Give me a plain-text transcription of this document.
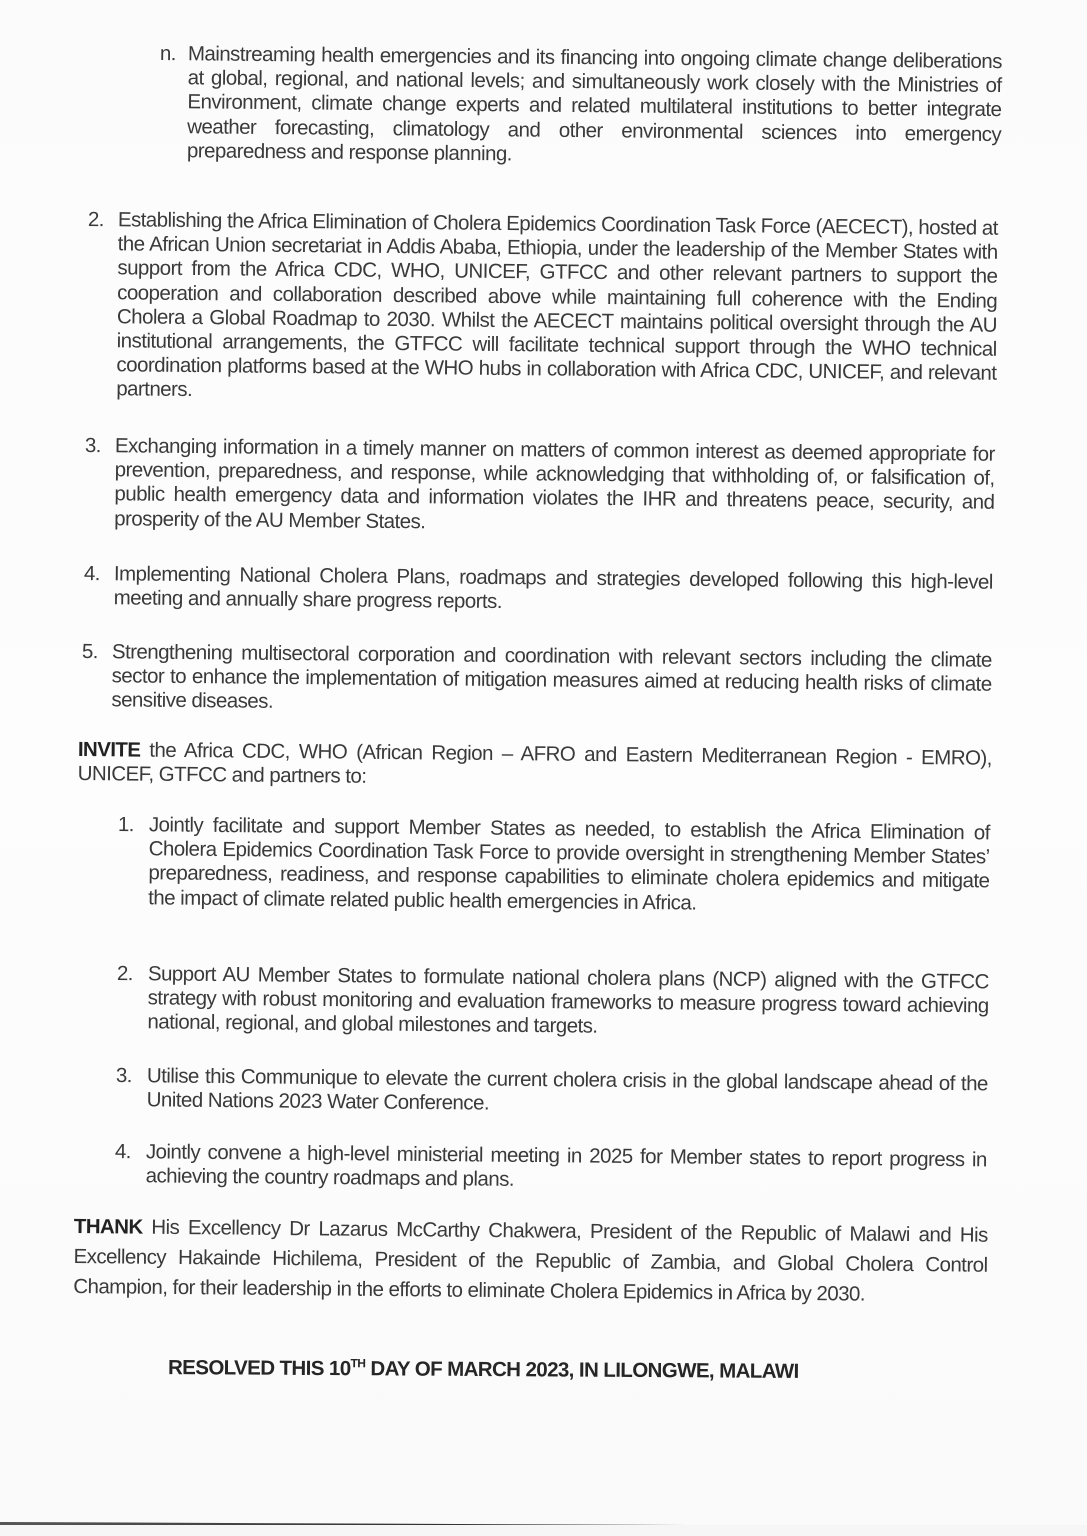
n. Mainstreaming health emergencies and its financing into ongoing climate change deliberations at global, regional, and national levels; and simultaneously work closely with the Ministries of Environment, climate change experts and related multilateral institutions to better integrate weather forecasting, climatology and other environmental sciences into emergency preparedness and response planning.
2. Establishing the Africa Elimination of Cholera Epidemics Coordination Task Force (AECECT), hosted at the African Union secretariat in Addis Ababa, Ethiopia, under the leadership of the Member States with support from the Africa CDC, WHO, UNICEF, GTFCC and other relevant partners to support the cooperation and collaboration described above while maintaining full coherence with the Ending Cholera a Global Roadmap to 2030. Whilst the AECECT maintains political oversight through the AU institutional arrangements, the GTFCC will facilitate technical support through the WHO technical coordination platforms based at the WHO hubs in collaboration with Africa CDC, UNICEF, and relevant partners.
3. Exchanging information in a timely manner on matters of common interest as deemed appropriate for prevention, preparedness, and response, while acknowledging that withholding of, or falsification of, public health emergency data and information violates the IHR and threatens peace, security, and prosperity of the AU Member States.
4. Implementing National Cholera Plans, roadmaps and strategies developed following this high-level meeting and annually share progress reports.
5. Strengthening multisectoral corporation and coordination with relevant sectors including the climate sector to enhance the implementation of mitigation measures aimed at reducing health risks of climate sensitive diseases.
INVITE the Africa CDC, WHO (African Region – AFRO and Eastern Mediterranean Region - EMRO), UNICEF, GTFCC and partners to:
1. Jointly facilitate and support Member States as needed, to establish the Africa Elimination of Cholera Epidemics Coordination Task Force to provide oversight in strengthening Member States’ preparedness, readiness, and response capabilities to eliminate cholera epidemics and mitigate the impact of climate related public health emergencies in Africa.
2. Support AU Member States to formulate national cholera plans (NCP) aligned with the GTFCC strategy with robust monitoring and evaluation frameworks to measure progress toward achieving national, regional, and global milestones and targets.
3. Utilise this Communique to elevate the current cholera crisis in the global landscape ahead of the United Nations 2023 Water Conference.
4. Jointly convene a high-level ministerial meeting in 2025 for Member states to report progress in achieving the country roadmaps and plans.
THANK His Excellency Dr Lazarus McCarthy Chakwera, President of the Republic of Malawi and His Excellency Hakainde Hichilema, President of the Republic of Zambia, and Global Cholera Control Champion, for their leadership in the efforts to eliminate Cholera Epidemics in Africa by 2030.
RESOLVED THIS 10TH DAY OF MARCH 2023, IN LILONGWE, MALAWI
